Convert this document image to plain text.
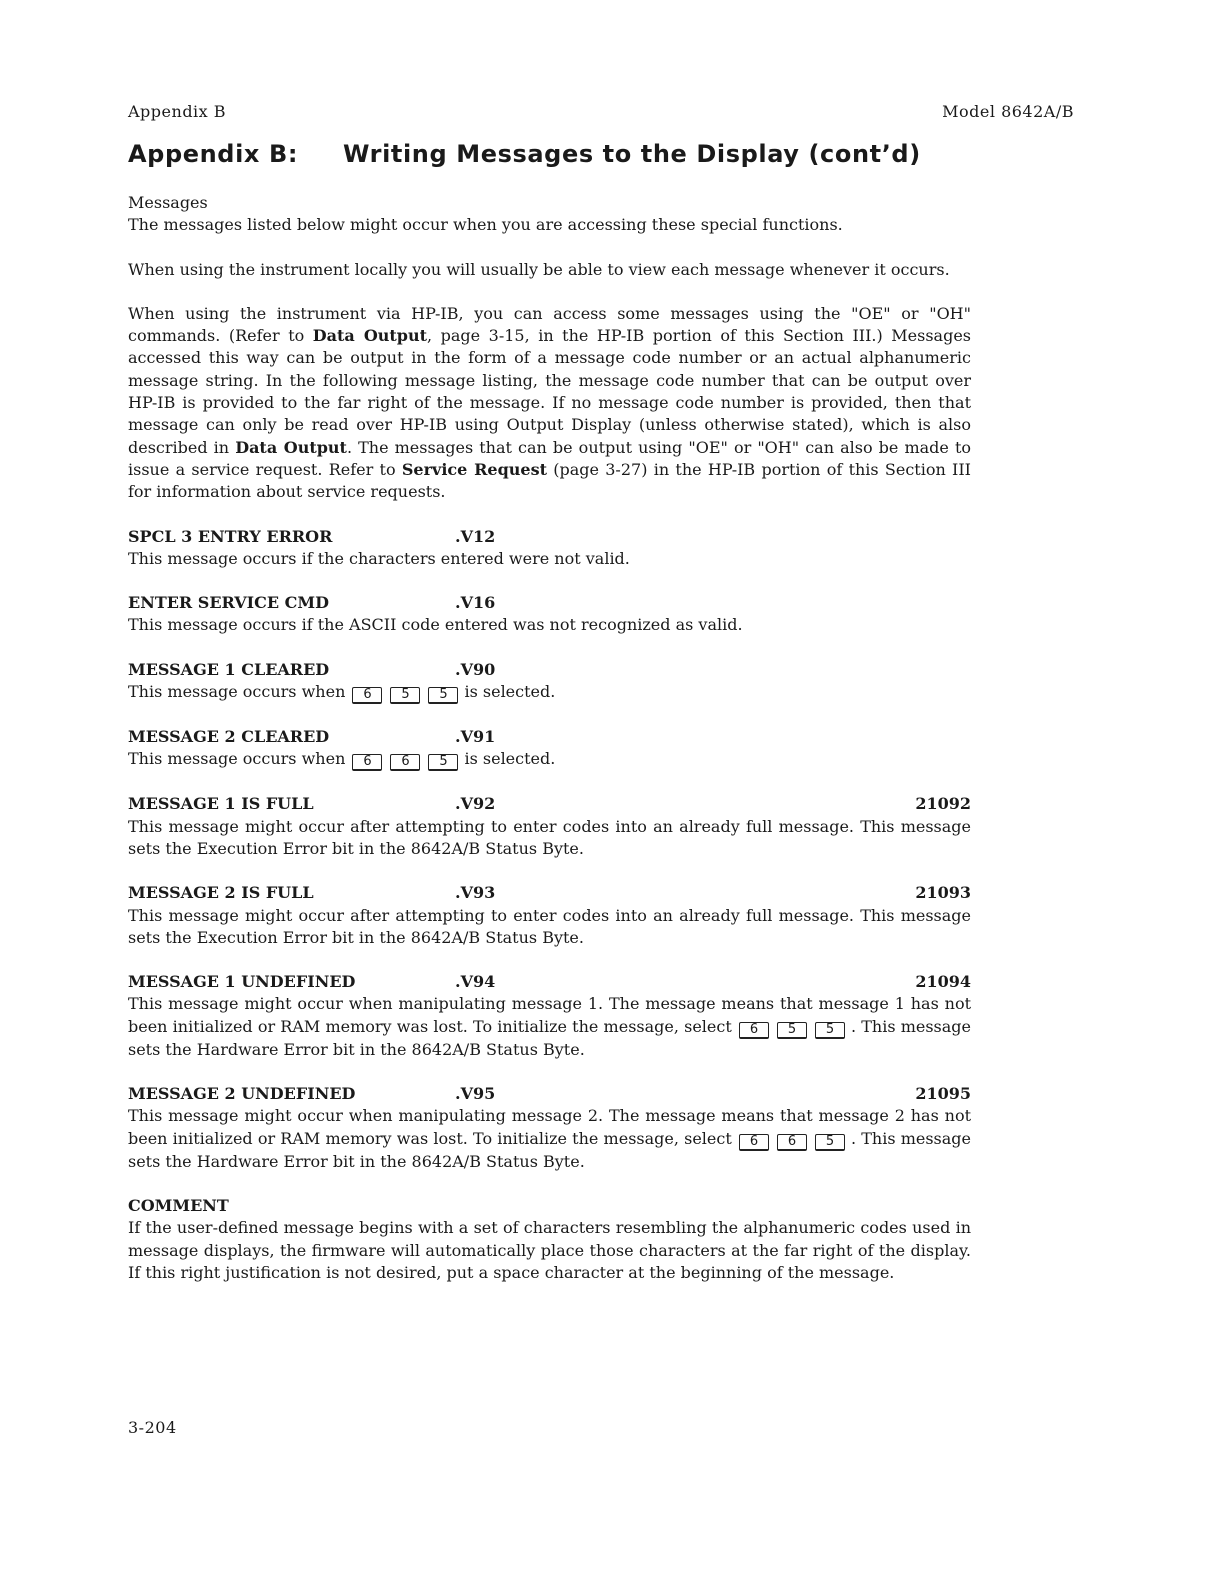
Appendix B	Model 8642A/B
Appendix B: Writing Messages to the Display (cont’d)

Messages

The messages listed below might occur when you are accessing these special functions.

When using the instrument locally you will usually be able to view each message whenever it occurs.

When using the instrument via HP-IB, you can access some messages using the "OE" or "OH" commands. (Refer to Data Output, page 3-15, in the HP-IB portion of this Section III.) Messages accessed this way can be output in the form of a message code number or an actual alphanumeric message string. In the following message listing, the message code number that can be output over HP-IB is provided to the far right of the message. If no message code number is provided, then that message can only be read over HP-IB using Output Display (unless otherwise stated), which is also described in Data Output. The messages that can be output using "OE" or "OH" can also be made to issue a service request. Refer to Service Request (page 3-27) in the HP-IB portion of this Section III for information about service requests.

SPCL 3 ENTRY ERROR	.V12

This message occurs if the characters entered were not valid.

ENTER SERVICE CMD	.V16

This message occurs if the ASCII code entered was not recognized as valid.

MESSAGE 1 CLEARED	.V90

This message occurs when 6 5 5 is selected.

MESSAGE 2 CLEARED	.V91

This message occurs when 6 6 5 is selected.

MESSAGE 1 IS FULL	.V92	21092

This message might occur after attempting to enter codes into an already full message. This message sets the Execution Error bit in the 8642A/B Status Byte.

MESSAGE 2 IS FULL	.V93	21093

This message might occur after attempting to enter codes into an already full message. This message sets the Execution Error bit in the 8642A/B Status Byte.

MESSAGE 1 UNDEFINED	.V94	21094

This message might occur when manipulating message 1. The message means that message 1 has not been initialized or RAM memory was lost. To initialize the message, select 6 5 5 . This message sets the Hardware Error bit in the 8642A/B Status Byte.

MESSAGE 2 UNDEFINED	.V95	21095

This message might occur when manipulating message 2. The message means that message 2 has not been initialized or RAM memory was lost. To initialize the message, select 6 6 5 . This message sets the Hardware Error bit in the 8642A/B Status Byte.

COMMENT

If the user-defined message begins with a set of characters resembling the alphanumeric codes used in message displays, the firmware will automatically place those characters at the far right of the display. If this right justification is not desired, put a space character at the beginning of the message.

3-204
